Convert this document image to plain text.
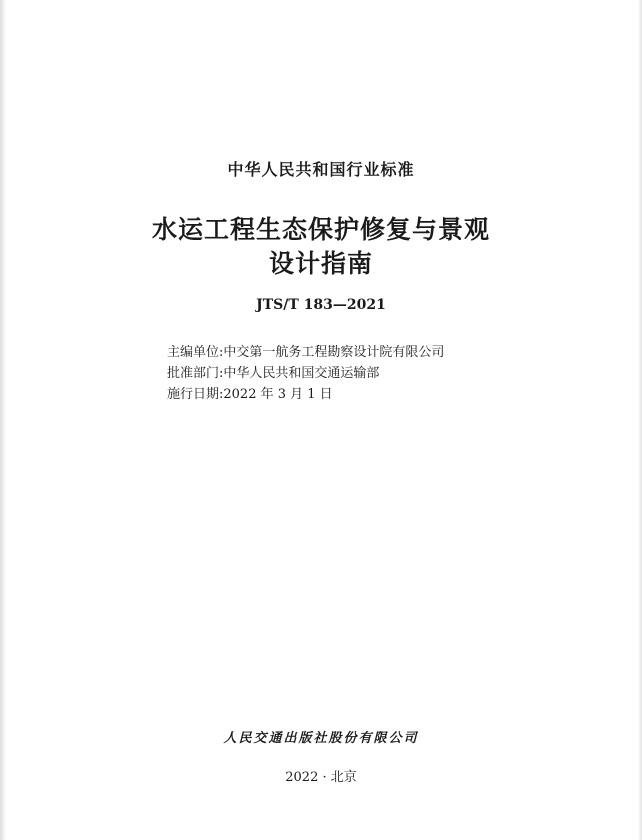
中华人民共和国行业标准
水运工程生态保护修复与景观
设计指南
JTS/T 183—2021
主编单位:中交第一航务工程勘察设计院有限公司
批准部门:中华人民共和国交通运输部
施行日期:2022 年 3 月 1 日
人民交通出版社股份有限公司
2022 · 北京
